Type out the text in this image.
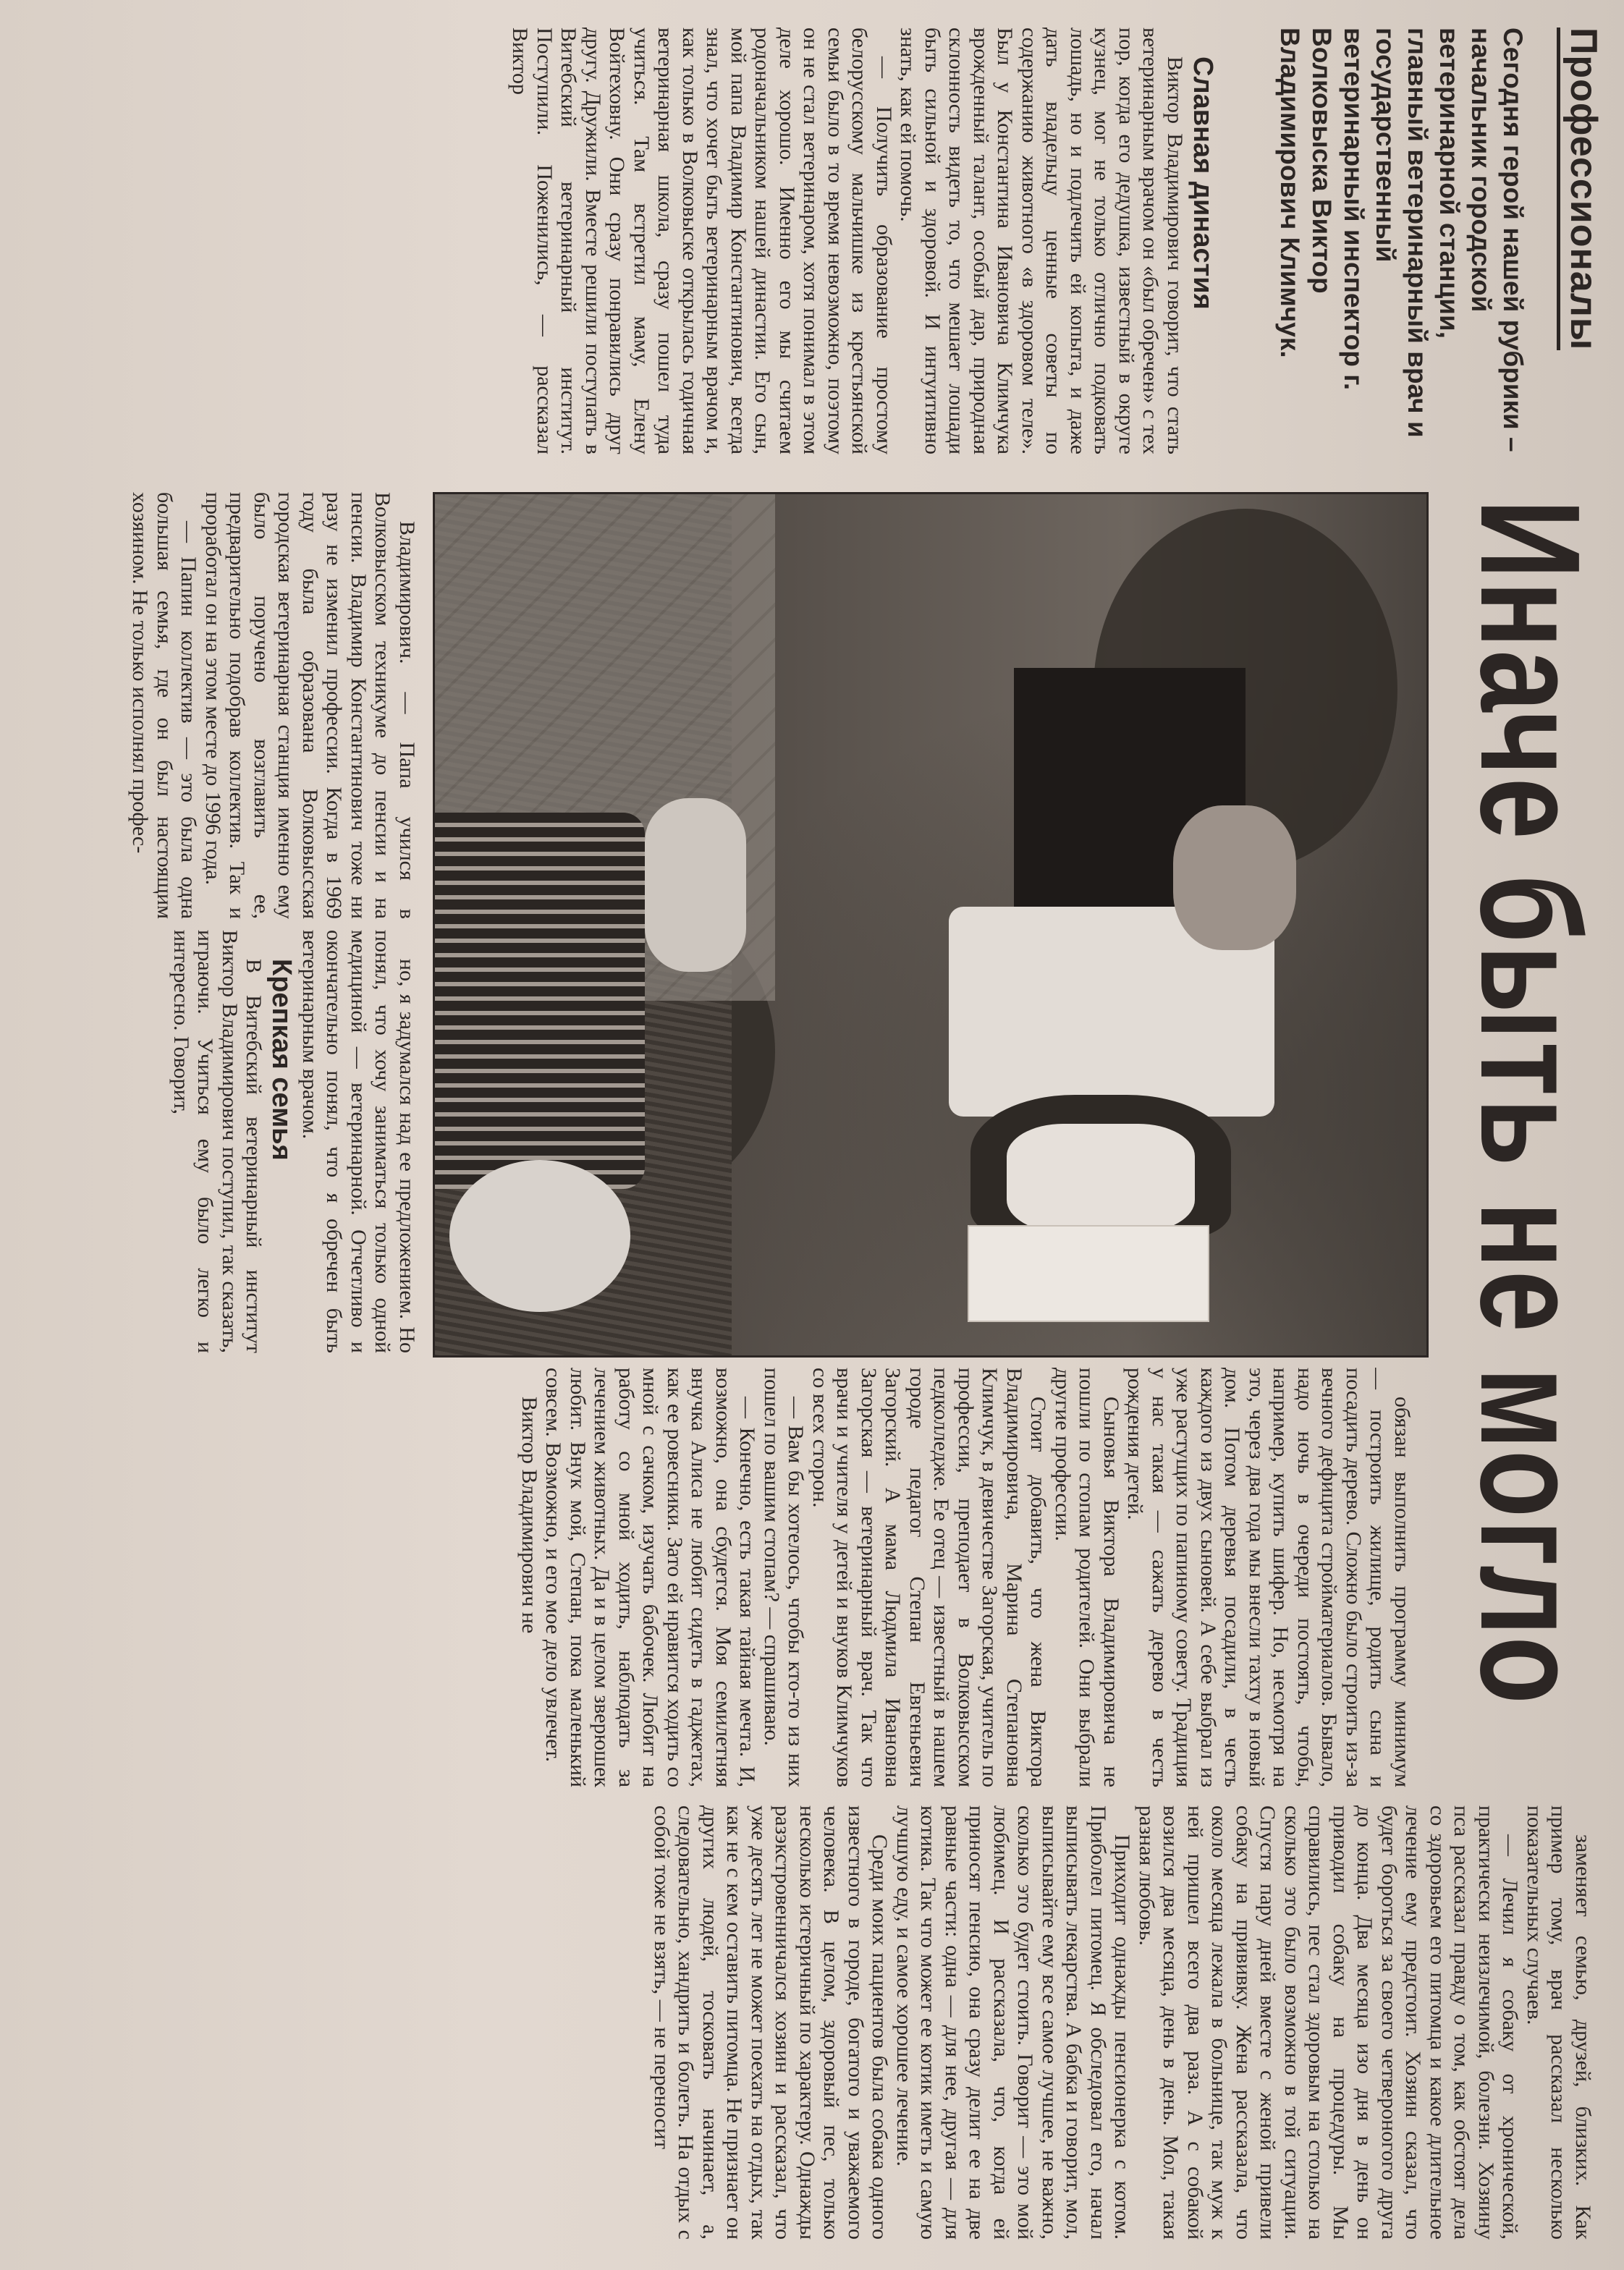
Профессионалы
Сегодня герой нашей рубрики – начальник городской ветеринарной станции, главный ветеринарный врач и государственный ветеринарный инспектор г. Волковыска Виктор Владимирович Климчук.
Иначе быть не могло

Славная династия

Виктор Владимирович говорит, что стать ветеринарным врачом он «был обречен» с тех пор, когда его дедушка, известный в округе кузнец, мог не только отлично подковать лошадь, но и подлечить ей копыта, и даже дать владельцу ценные советы по содержанию животного «в здоровом теле». Был у Константина Ивановича Климчука врожденный талант, особый дар, природная склонность видеть то, что мешает лошади быть сильной и здоровой. И интуитивно знать, как ей помочь.

— Получить образование простому белорусскому мальчишке из крестьянской семьи было в то время невозможно, поэтому он не стал ветеринаром, хотя понимал в этом деле хорошо. Именно его мы считаем родоначальником нашей династии. Его сын, мой папа Владимир Константинович, всегда знал, что хочет быть ветеринарным врачом и, как только в Волковыске открылась годичная ветеринарная школа, сразу пошел туда учиться. Там встретил маму, Елену Войтеховну. Они сразу понравились друг другу. Дружили. Вместе решили поступать в Витебский ветеринарный институт. Поступили. Поженились, — рассказал Виктор

Владимирович. — Папа учился в Волковысском техникуме до пенсии и на пенсии. Владимир Константинович тоже ни разу не изменил профессии. Когда в 1969 году была образована Волковысская городская ветеринарная станция именно ему было поручено возглавить ее, предварительно подобрав коллектив. Так и проработал он на этом месте до 1996 года.

— Папин коллектив — это была одна большая семья, где он был настоящим хозяином. Не только исполнял профес-

но, я задумался над ее предложением. Но понял, что хочу заниматься только одной медициной — ветеринарной. Отчетливо и окончательно понял, что я обречен быть ветеринарным врачом.

Крепкая семья

В Витебский ветеринарный институт Виктор Владимирович поступил, так сказать, играючи. Учиться ему было легко и интересно. Говорит,

обязан выполнить программу минимум — построить жилище, родить сына и посадить дерево. Сложно было строить из-за вечного дефицита стройматериалов. Бывало, надо ночь в очереди постоять, чтобы, например, купить шифер. Но, несмотря на это, через два года мы внесли тахту в новый дом. Потом деревья посадили, в честь каждого из двух сыновей. А себе выбрал из уже растущих по папиному совету. Традиция у нас такая — сажать дерево в честь рождения детей.

Сыновья Виктора Владимировича не пошли по стопам родителей. Они выбрали другие профессии.

Стоит добавить, что жена Виктора Владимировича, Марина Степановна Климчук, в девичестве Загорская, учитель по профессии, преподает в Волковысском педколледже. Ее отец — известный в нашем городе педагог Степан Евгеньевич Загорский. А мама Людмила Ивановна Загорская — ветеринарный врач. Так что врачи и учителя у детей и внуков Климчуков со всех сторон.

— Вам бы хотелось, чтобы кто-то из них пошел по вашим стопам? — спрашиваю.

— Конечно, есть такая тайная мечта. И, возможно, она сбудется. Моя семилетняя внучка Алиса не любит сидеть в гаджетах, как ее ровесники. Зато ей нравится ходить со мной с сачком, изучать бабочек. Любит на работу со мной ходить, наблюдать за лечением животных. Да и в целом зверюшек любит. Внук мой, Степан, пока маленький совсем. Возможно, и его мое дело увлечет.

Виктор Владимирович не

заменяет семью, друзей, близких. Как пример тому, врач рассказал несколько показательных случаев.

— Лечил я собаку от хронической, практически неизлечимой, болезни. Хозяину пса рассказал правду о том, как обстоят дела со здоровьем его питомца и какое длительное лечение ему предстоит. Хозяин сказал, что будет бороться за своего четвероногого друга до конца. Два месяца изо дня в день он приводил собаку на процедуры. Мы справились, пес стал здоровым на столько на сколько это было возможно в той ситуации. Спустя пару дней вместе с женой привели собаку на прививку. Жена рассказала, что около месяца лежала в больнице, так муж к ней пришел всего два раза. А с собакой возился два месяца, день в день. Мол, такая разная любовь.

Приходит однажды пенсионерка с котом. Приболел питомец. Я обследовал его, начал выписывать лекарства. А бабка и говорит, мол, выписывайте ему все самое лучшее, не важно, сколько это будет стоить. Говорит — это мой любимец. И рассказала, что, когда ей приносят пенсию, она сразу делит ее на две равные части: одна — для нее, другая — для котика. Так что может ее котик иметь и самую лучшую еду, и самое хорошее лечение.

Среди моих пациентов была собака одного известного в городе, богатого и уважаемого человека. В целом, здоровый пес, только несколько истеричный по характеру. Однажды разэкстровенничался хозяин и рассказал, что уже десять лет не может поехать на отдых, так как не с кем оставить питомца. Не признает он других людей, тосковать начинает, а, следовательно, хандрить и болеть. На отдых с собой тоже не взять, — не переносит
